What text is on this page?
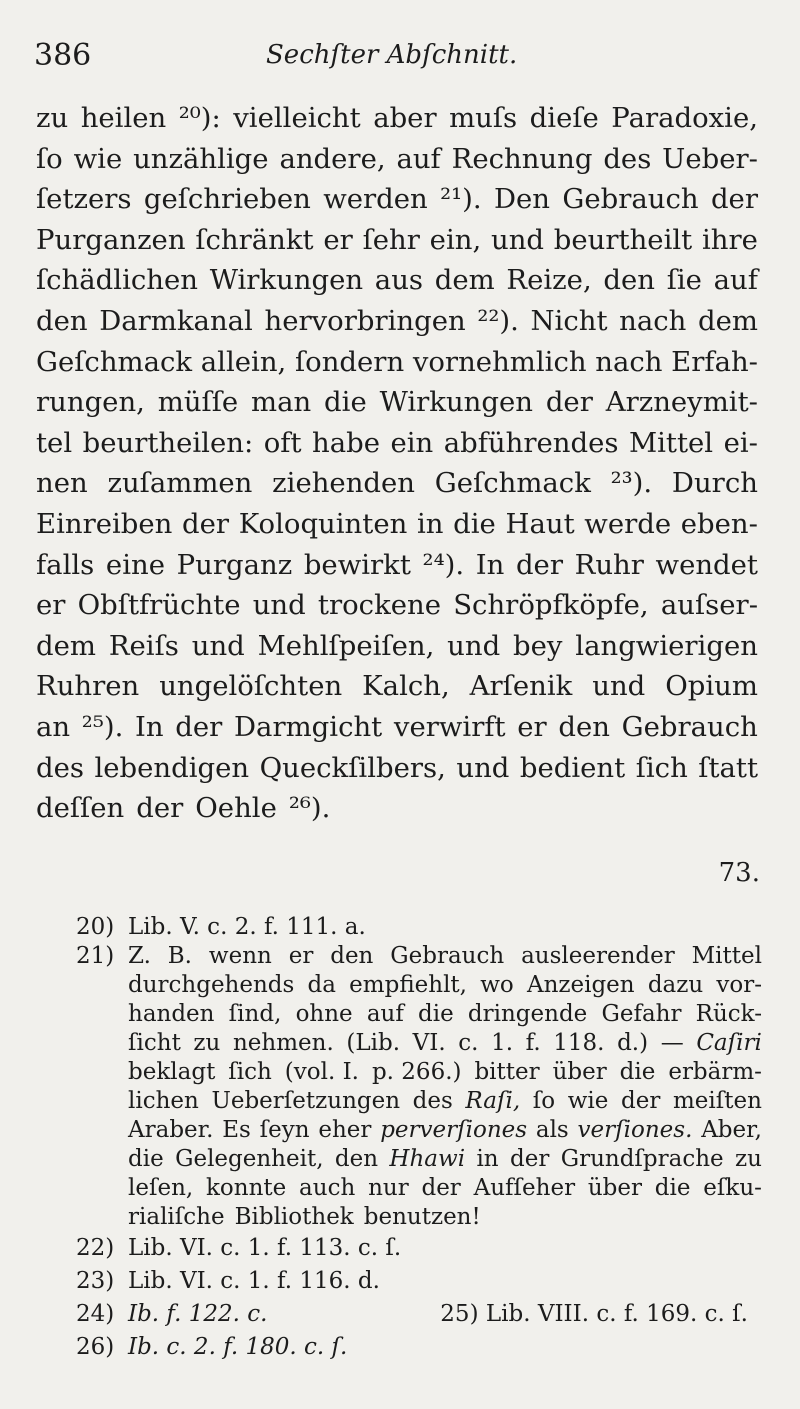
386	Sechſter Abſchnitt.
zu heilen ²⁰): vielleicht aber muſs dieſe Paradoxie,
ſo wie unzählige andere, auf Rechnung des Ueber-
ſetzers geſchrieben werden ²¹). Den Gebrauch der
Purganzen ſchränkt er ſehr ein, und beurtheilt ihre
ſchädlichen Wirkungen aus dem Reize, den ſie auf
den Darmkanal hervorbringen ²²). Nicht nach dem
Geſchmack allein, ſondern vornehmlich nach Erfah-
rungen, müſſe man die Wirkungen der Arzneymit-
tel beurtheilen: oft habe ein abführendes Mittel ei-
nen zuſammen ziehenden Geſchmack ²³). Durch
Einreiben der Koloquinten in die Haut werde eben-
falls eine Purganz bewirkt ²⁴). In der Ruhr wendet
er Obſtfrüchte und trockene Schröpfköpfe, auſser-
dem Reiſs und Mehlſpeiſen, und bey langwierigen
Ruhren ungelöſchten Kalch, Arſenik und Opium
an ²⁵). In der Darmgicht verwirft er den Gebrauch
des lebendigen Queckſilbers, und bedient ſich ſtatt
deſſen der Oehle ²⁶).
73.
20) Lib. V. c. 2. f. 111. a.
21) Z. B. wenn er den Gebrauch ausleerender Mittel
durchgehends da empfiehlt, wo Anzeigen dazu vor-
handen ſind, ohne auf die dringende Gefahr Rück-
ſicht zu nehmen. (Lib. VI. c. 1. f. 118. d.) — Caſiri
beklagt ſich (vol. I. p. 266.) bitter über die erbärm-
lichen Ueberſetzungen des Raſi, ſo wie der meiſten
Araber. Es ſeyn eher perverſiones als verſiones. Aber,
die Gelegenheit, den Hhawi in der Grundſprache zu
leſen, konnte auch nur der Aufſeher über die eſku-
rialiſche Bibliothek benutzen!
22) Lib. VI. c. 1. f. 113. c. ſ.
23) Lib. VI. c. 1. f. 116. d.
24) Ib. f. 122. c.	25) Lib. VIII. c. f. 169. c. ſ.
26) Ib. c. 2. f. 180. c. ſ.
